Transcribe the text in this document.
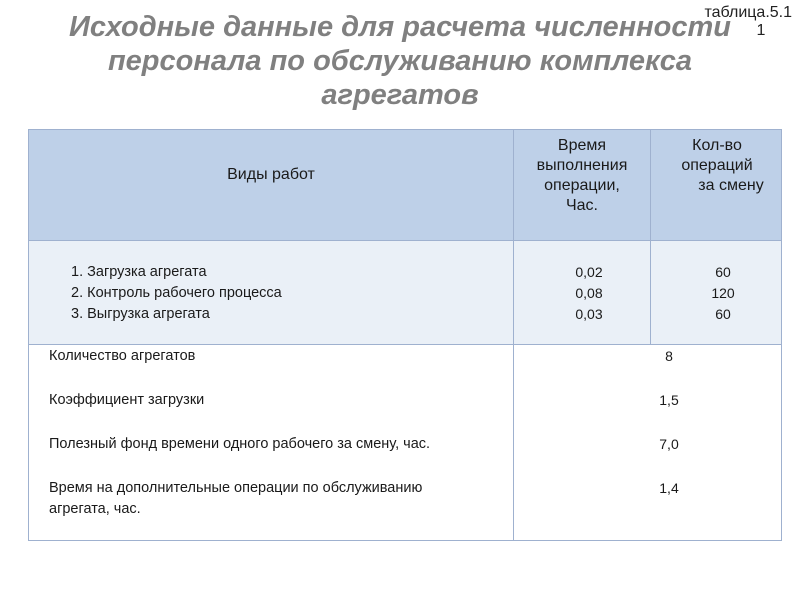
таблица.5.1
1
Исходные данные для расчета численности
персонала по обслуживанию комплекса
агрегатов
Виды работ
Время
выполнения
операции,
Час.
Кол-во
операций
за смену
1. Загрузка агрегата
2. Контроль рабочего процесса
3. Выгрузка агрегата
0,02
0,08
0,03
60
120
60
Количество агрегатов
Коэффициент загрузки
Полезный фонд времени одного рабочего за смену, час.
Время на дополнительные операции по обслуживанию
агрегата, час.
8
1,5
7,0
1,4
